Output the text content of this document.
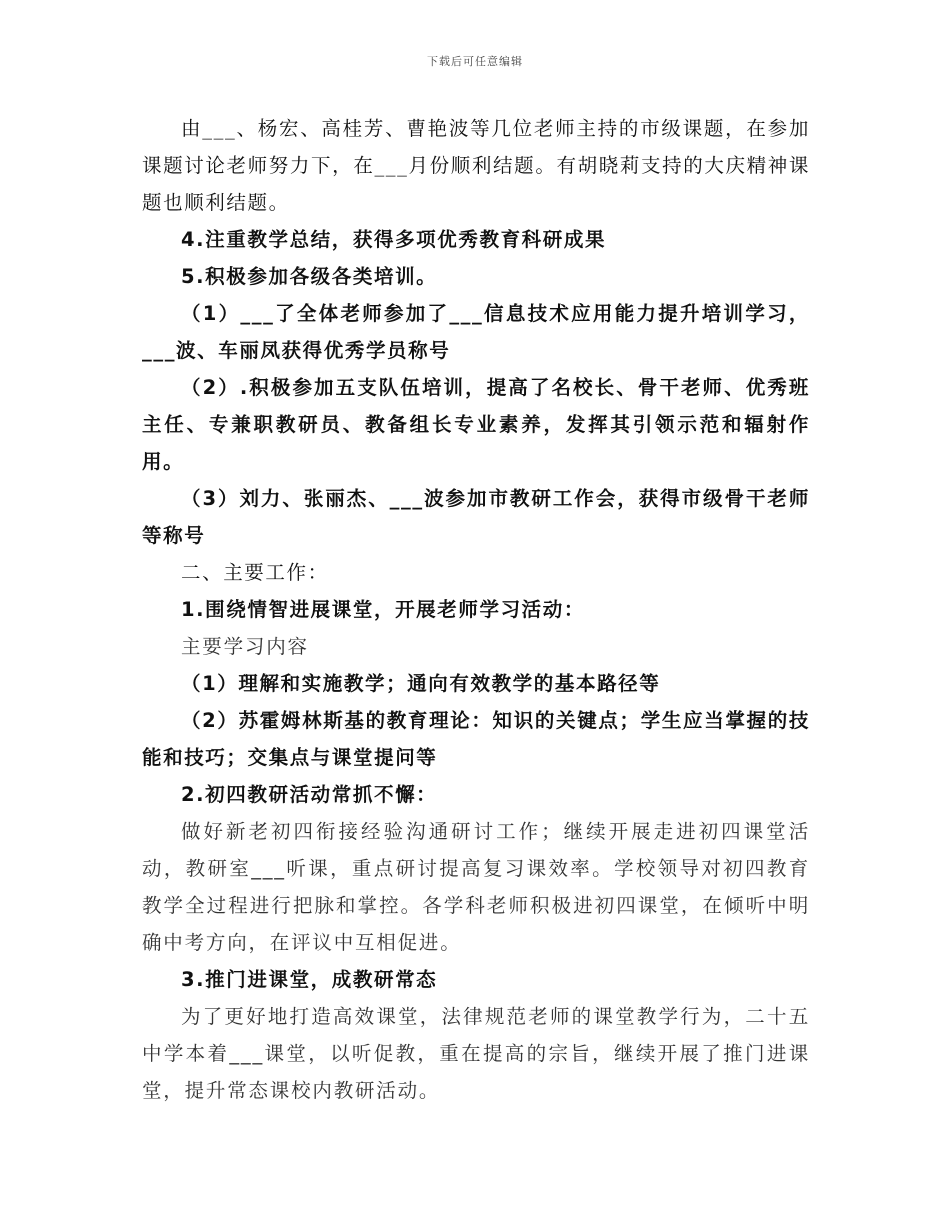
下载后可任意编辑

由___、杨宏、高桂芳、曹艳波等几位老师主持的市级课题，在参加课题讨论老师努力下，在___月份顺利结题。有胡晓莉支持的大庆精神课题也顺利结题。

4.注重教学总结，获得多项优秀教育科研成果

5.积极参加各级各类培训。

（1）___了全体老师参加了___信息技术应用能力提升培训学习，___波、车丽凤获得优秀学员称号

（2）.积极参加五支队伍培训，提高了名校长、骨干老师、优秀班主任、专兼职教研员、教备组长专业素养，发挥其引领示范和辐射作用。

（3）刘力、张丽杰、___波参加市教研工作会，获得市级骨干老师等称号

二、主要工作：

1.围绕情智进展课堂，开展老师学习活动：

主要学习内容

（1）理解和实施教学；通向有效教学的基本路径等

（2）苏霍姆林斯基的教育理论：知识的关键点；学生应当掌握的技能和技巧；交集点与课堂提问等

2.初四教研活动常抓不懈：

做好新老初四衔接经验沟通研讨工作；继续开展走进初四课堂活动，教研室___听课，重点研讨提高复习课效率。学校领导对初四教育教学全过程进行把脉和掌控。各学科老师积极进初四课堂，在倾听中明确中考方向，在评议中互相促进。

3.推门进课堂，成教研常态

为了更好地打造高效课堂，法律规范老师的课堂教学行为，二十五中学本着___课堂，以听促教，重在提高的宗旨，继续开展了推门进课堂，提升常态课校内教研活动。
